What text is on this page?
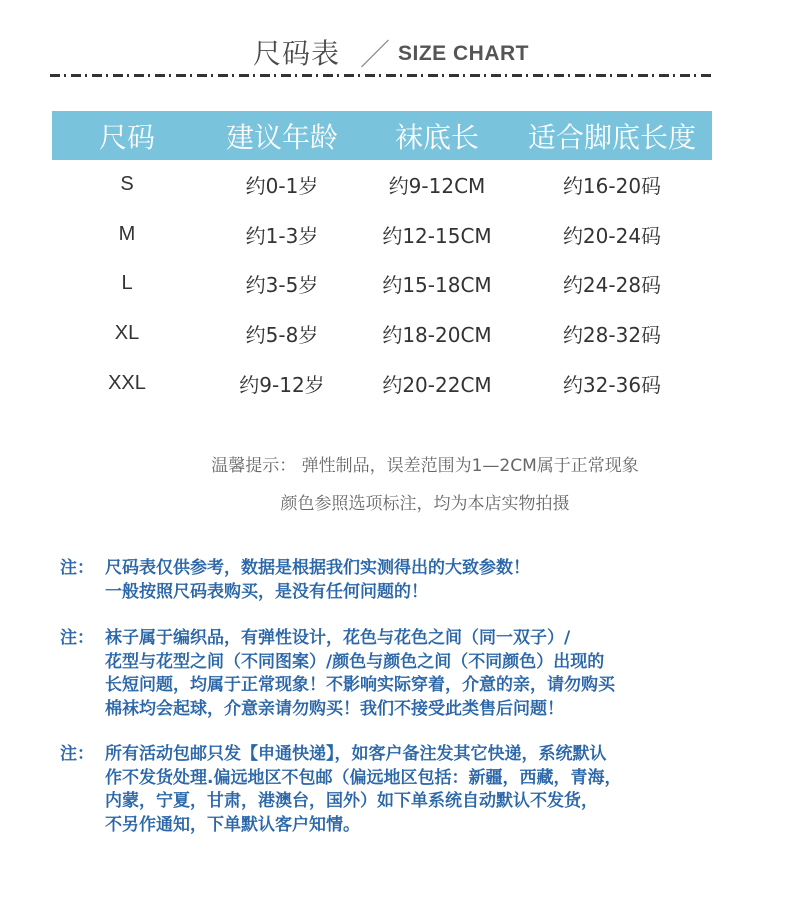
尺码表 ／ SIZE CHART
尺码	建议年龄	袜底长	适合脚底长度
S	约0-1岁	约9-12CM	约16-20码
M	约1-3岁	约12-15CM	约20-24码
L	约3-5岁	约15-18CM	约24-28码
XL	约5-8岁	约18-20CM	约28-32码
XXL	约9-12岁	约20-22CM	约32-36码
温馨提示： 弹性制品，误差范围为1—2CM属于正常现象
颜色参照选项标注，均为本店实物拍摄
注： 尺码表仅供参考，数据是根据我们实测得出的大致参数！
一般按照尺码表购买，是没有任何问题的！
注： 袜子属于编织品，有弹性设计，花色与花色之间（同一双子）/
花型与花型之间（不同图案）/颜色与颜色之间（不同颜色）出现的
长短问题，均属于正常现象！不影响实际穿着，介意的亲，请勿购买
棉袜均会起球，介意亲请勿购买！我们不接受此类售后问题！
注： 所有活动包邮只发【申通快递】，如客户备注发其它快递，系统默认
作不发货处理.偏远地区不包邮（偏远地区包括：新疆，西藏，青海，
内蒙，宁夏，甘肃，港澳台，国外）如下单系统自动默认不发货，
不另作通知，下单默认客户知情。
